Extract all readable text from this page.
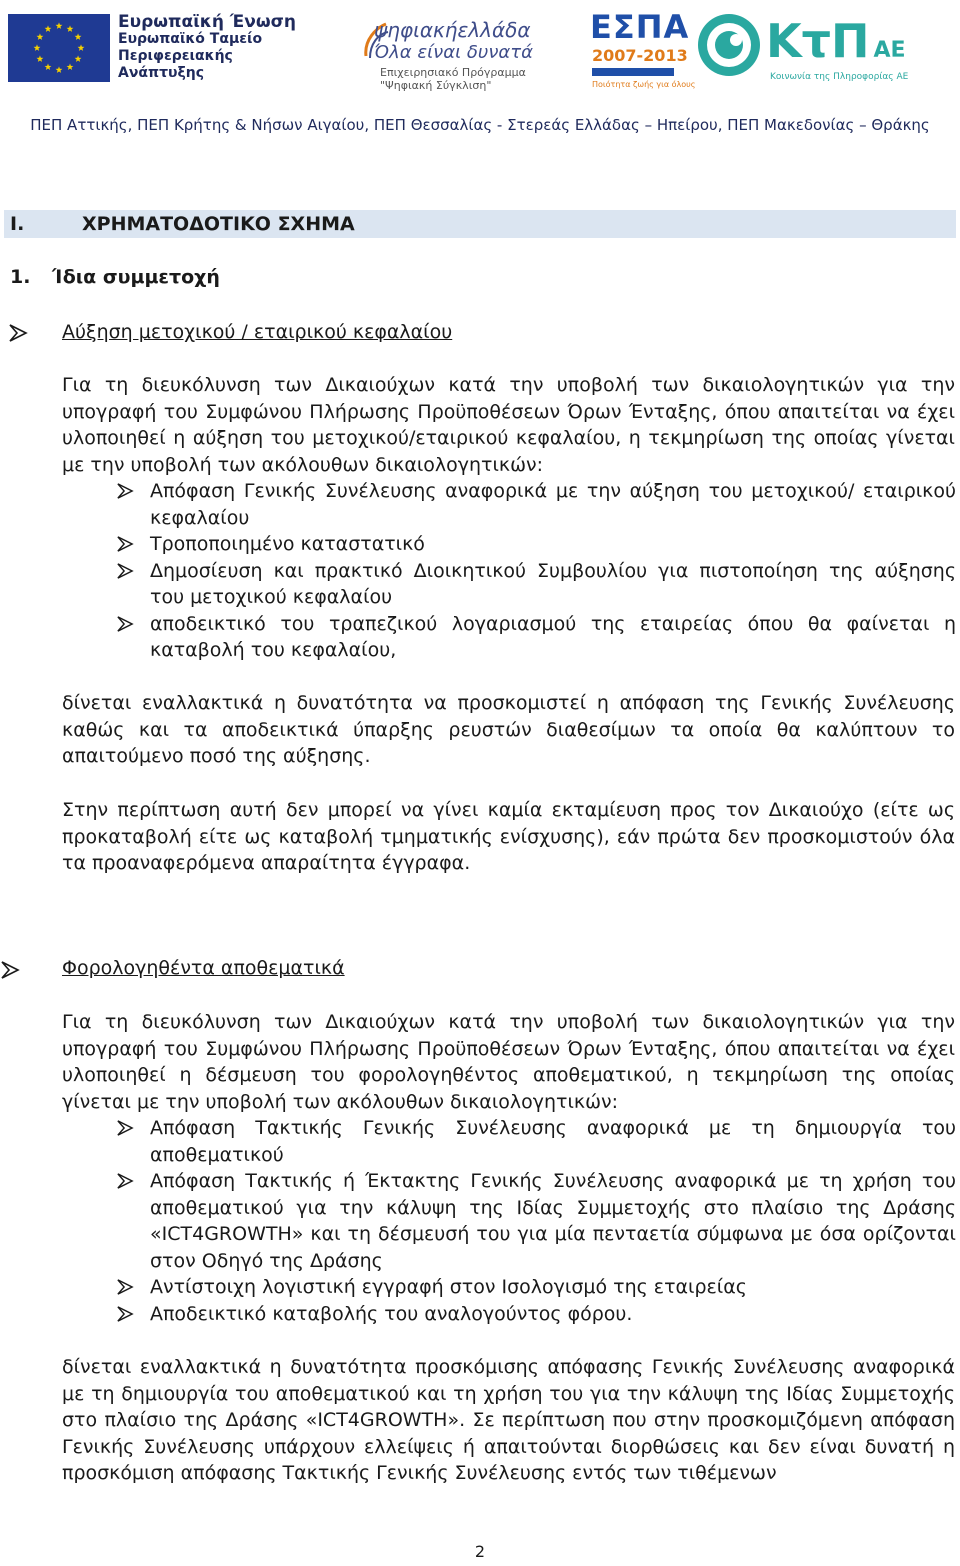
Ευρωπαϊκή Ένωση
Ευρωπαϊκό Ταμείο
Περιφερειακής
Ανάπτυξης
ψηφιακήελλάδα
Όλα είναι δυνατά
Επιχειρησιακό Πρόγραμμα
"Ψηφιακή Σύγκλιση"
ΕΣΠΑ
2007-2013
Ποιότητα ζωής για όλους
ΚτΠ ΑΕ
Κοινωνία της Πληροφορίας ΑΕ
ΠΕΠ Αττικής, ΠΕΠ Κρήτης & Νήσων Αιγαίου, ΠΕΠ Θεσσαλίας - Στερεάς Ελλάδας – Ηπείρου, ΠΕΠ Μακεδονίας – Θράκης
I.	ΧΡΗΜΑΤΟΔΟΤΙΚΟ ΣΧΗΜΑ
1. Ίδια συμμετοχή
Αύξηση μετοχικού / εταιρικού κεφαλαίου

Για τη διευκόλυνση των Δικαιούχων κατά την υποβολή των δικαιολογητικών για την υπογραφή του Συμφώνου Πλήρωσης Προϋποθέσεων Όρων Ένταξης, όπου απαιτείται να έχει υλοποιηθεί η αύξηση του μετοχικού/εταιρικού κεφαλαίου, η τεκμηρίωση της οποίας γίνεται με την υποβολή των ακόλουθων δικαιολογητικών:

Απόφαση Γενικής Συνέλευσης αναφορικά με την αύξηση του μετοχικού/ εταιρικού κεφαλαίου
Τροποποιημένο καταστατικό
Δημοσίευση και πρακτικό Διοικητικού Συμβουλίου για πιστοποίηση της αύξησης του μετοχικού κεφαλαίου
αποδεικτικό του τραπεζικού λογαριασμού της εταιρείας όπου θα φαίνεται η καταβολή του κεφαλαίου,

δίνεται εναλλακτικά η δυνατότητα να προσκομιστεί η απόφαση της Γενικής Συνέλευσης καθώς και τα αποδεικτικά ύπαρξης ρευστών διαθεσίμων τα οποία θα καλύπτουν το απαιτούμενο ποσό της αύξησης.

Στην περίπτωση αυτή δεν μπορεί να γίνει καμία εκταμίευση προς τον Δικαιούχο (είτε ως προκαταβολή είτε ως καταβολή τμηματικής ενίσχυσης), εάν πρώτα δεν προσκομιστούν όλα τα προαναφερόμενα απαραίτητα έγγραφα.

Φορολογηθέντα αποθεματικά

Για τη διευκόλυνση των Δικαιούχων κατά την υποβολή των δικαιολογητικών για την υπογραφή του Συμφώνου Πλήρωσης Προϋποθέσεων Όρων Ένταξης, όπου απαιτείται να έχει υλοποιηθεί η δέσμευση του φορολογηθέντος αποθεματικού, η τεκμηρίωση της οποίας γίνεται με την υποβολή των ακόλουθων δικαιολογητικών:

Απόφαση Τακτικής Γενικής Συνέλευσης αναφορικά με τη δημιουργία του αποθεματικού
Απόφαση Τακτικής ή Έκτακτης Γενικής Συνέλευσης αναφορικά με τη χρήση του αποθεματικού για την κάλυψη της Ιδίας Συμμετοχής στο πλαίσιο της Δράσης «ICT4GROWTH» και τη δέσμευσή του για μία πενταετία σύμφωνα με όσα ορίζονται στον Οδηγό της Δράσης
Αντίστοιχη λογιστική εγγραφή στον Ισολογισμό της εταιρείας
Αποδεικτικό καταβολής του αναλογούντος φόρου.

δίνεται εναλλακτικά η δυνατότητα προσκόμισης απόφασης Γενικής Συνέλευσης αναφορικά με τη δημιουργία του αποθεματικού και τη χρήση του για την κάλυψη της Ιδίας Συμμετοχής στο πλαίσιο της Δράσης «ICT4GROWTH». Σε περίπτωση που στην προσκομιζόμενη απόφαση Γενικής Συνέλευσης υπάρχουν ελλείψεις ή απαιτούνται διορθώσεις και δεν είναι δυνατή η προσκόμιση απόφασης Τακτικής Γενικής Συνέλευσης εντός των τιθέμενων

2
